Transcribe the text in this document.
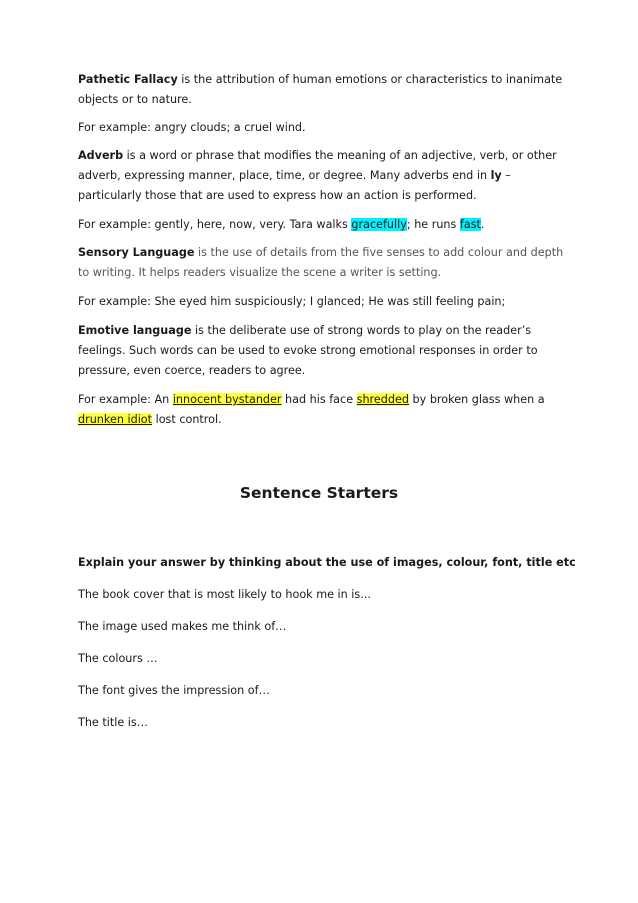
Pathetic Fallacy is the attribution of human emotions or characteristics to inanimate objects or to nature.

For example: angry clouds; a cruel wind.

Adverb is a word or phrase that modifies the meaning of an adjective, verb, or other adverb, expressing manner, place, time, or degree. Many adverbs end in ly – particularly those that are used to express how an action is performed.

For example: gently, here, now, very. Tara walks gracefully; he runs fast.

Sensory Language is the use of details from the five senses to add colour and depth to writing. It helps readers visualize the scene a writer is setting.

For example: She eyed him suspiciously; I glanced; He was still feeling pain;

Emotive language is the deliberate use of strong words to play on the reader’s feelings. Such words can be used to evoke strong emotional responses in order to pressure, even coerce, readers to agree.

For example: An innocent bystander had his face shredded by broken glass when a drunken idiot lost control.

Sentence Starters

Explain your answer by thinking about the use of images, colour, font, title etc

The book cover that is most likely to hook me in is...

The image used makes me think of…

The colours …

The font gives the impression of…

The title is…
